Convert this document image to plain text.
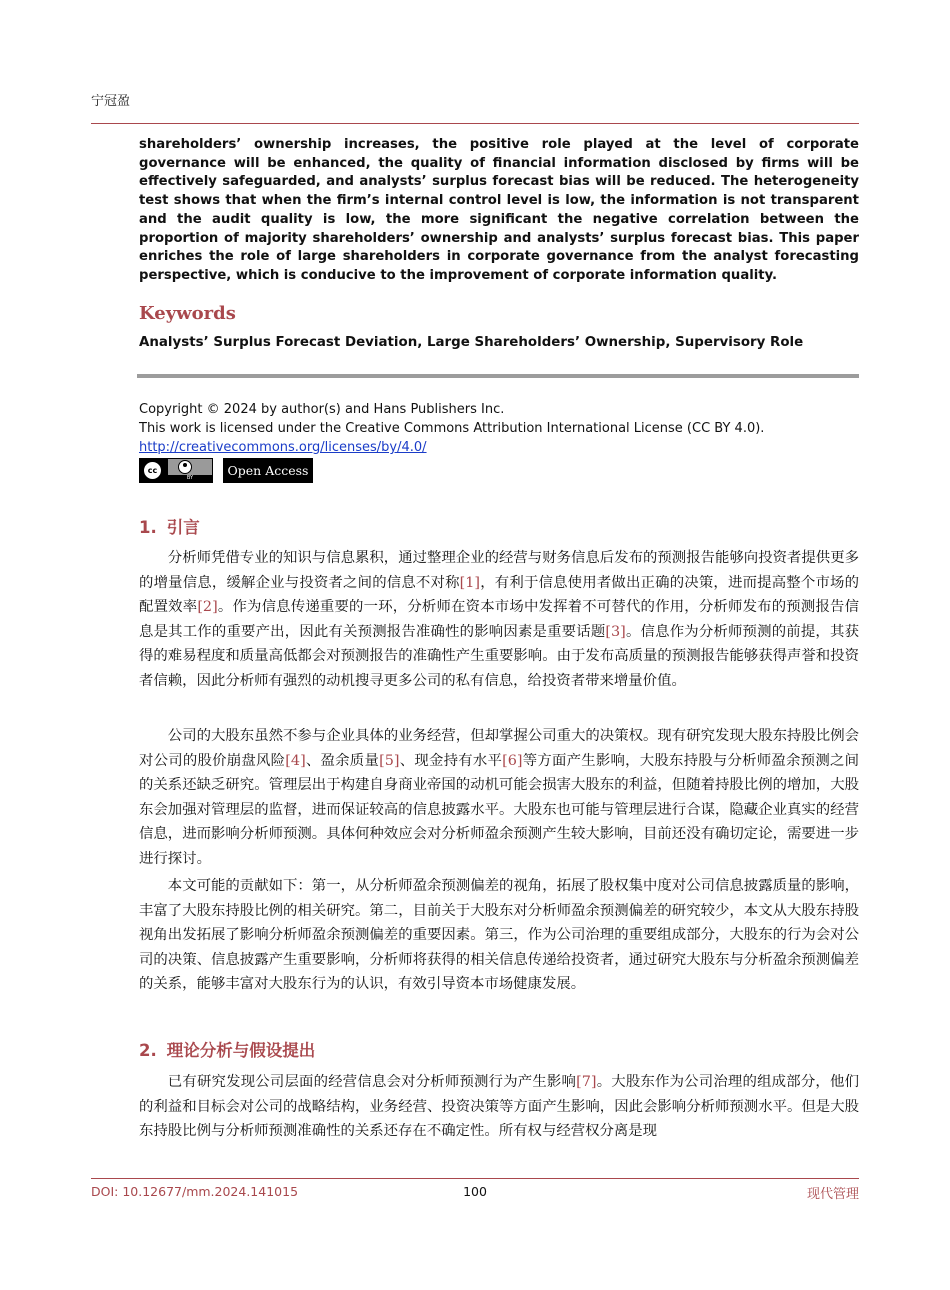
宁冠盈
shareholders’ ownership increases, the positive role played at the level of corporate governance will be enhanced, the quality of financial information disclosed by firms will be effectively safeguarded, and analysts’ surplus forecast bias will be reduced. The heterogeneity test shows that when the firm’s internal control level is low, the information is not transparent and the audit quality is low, the more significant the negative correlation between the proportion of majority shareholders’ ownership and analysts’ surplus forecast bias. This paper enriches the role of large shareholders in corporate governance from the analyst forecasting perspective, which is conducive to the improvement of corporate information quality.
Keywords
Analysts’ Surplus Forecast Deviation, Large Shareholders’ Ownership, Supervisory Role
Copyright © 2024 by author(s) and Hans Publishers Inc.
This work is licensed under the Creative Commons Attribution International License (CC BY 4.0).
http://creativecommons.org/licenses/by/4.0/
cc
BY	Open Access
1. 引言
分析师凭借专业的知识与信息累积，通过整理企业的经营与财务信息后发布的预测报告能够向投资者提供更多的增量信息，缓解企业与投资者之间的信息不对称[1]，有利于信息使用者做出正确的决策，进而提高整个市场的配置效率[2]。作为信息传递重要的一环，分析师在资本市场中发挥着不可替代的作用，分析师发布的预测报告信息是其工作的重要产出，因此有关预测报告准确性的影响因素是重要话题[3]。信息作为分析师预测的前提，其获得的难易程度和质量高低都会对预测报告的准确性产生重要影响。由于发布高质量的预测报告能够获得声誉和投资者信赖，因此分析师有强烈的动机搜寻更多公司的私有信息，给投资者带来增量价值。
公司的大股东虽然不参与企业具体的业务经营，但却掌握公司重大的决策权。现有研究发现大股东持股比例会对公司的股价崩盘风险[4]、盈余质量[5]、现金持有水平[6]等方面产生影响，大股东持股与分析师盈余预测之间的关系还缺乏研究。管理层出于构建自身商业帝国的动机可能会损害大股东的利益，但随着持股比例的增加，大股东会加强对管理层的监督，进而保证较高的信息披露水平。大股东也可能与管理层进行合谋，隐藏企业真实的经营信息，进而影响分析师预测。具体何种效应会对分析师盈余预测产生较大影响，目前还没有确切定论，需要进一步进行探讨。
本文可能的贡献如下：第一，从分析师盈余预测偏差的视角，拓展了股权集中度对公司信息披露质量的影响，丰富了大股东持股比例的相关研究。第二，目前关于大股东对分析师盈余预测偏差的研究较少，本文从大股东持股视角出发拓展了影响分析师盈余预测偏差的重要因素。第三，作为公司治理的重要组成部分，大股东的行为会对公司的决策、信息披露产生重要影响，分析师将获得的相关信息传递给投资者，通过研究大股东与分析盈余预测偏差的关系，能够丰富对大股东行为的认识，有效引导资本市场健康发展。
2. 理论分析与假设提出
已有研究发现公司层面的经营信息会对分析师预测行为产生影响[7]。大股东作为公司治理的组成部分，他们的利益和目标会对公司的战略结构，业务经营、投资决策等方面产生影响，因此会影响分析师预测水平。但是大股东持股比例与分析师预测准确性的关系还存在不确定性。所有权与经营权分离是现
DOI: 10.12677/mm.2024.141015	100	现代管理
